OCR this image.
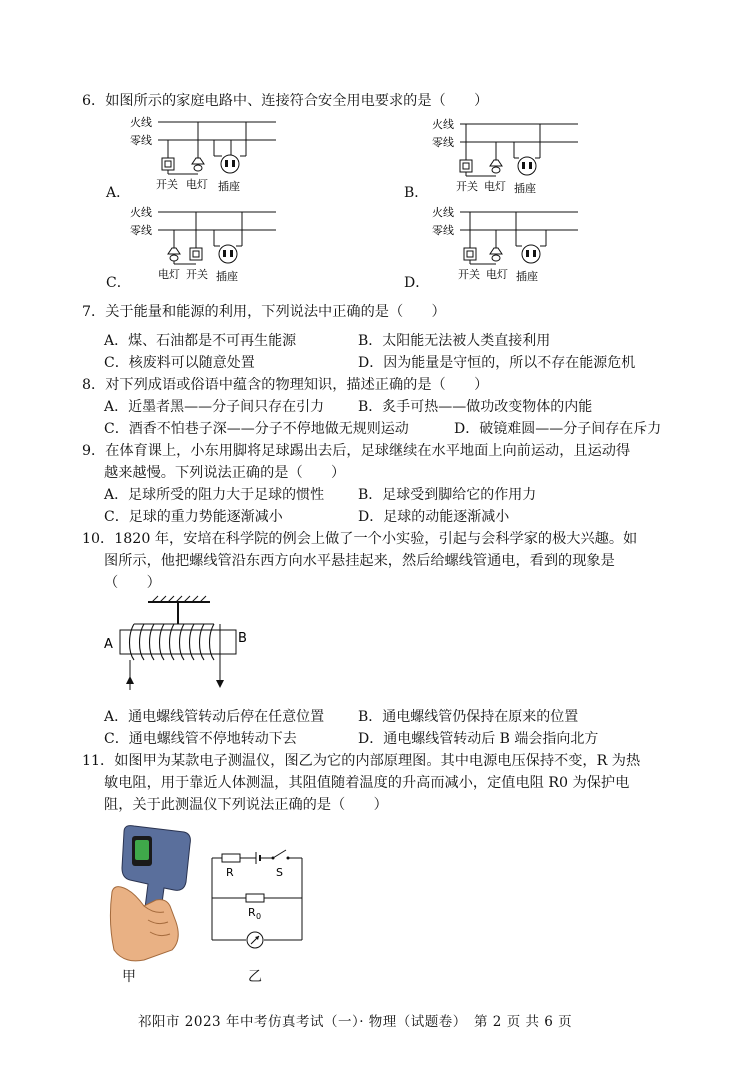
6．如图所示的家庭电路中、连接符合安全用电要求的是（　　）
火线
零线
开关 电灯 插座
A．
火线
零线
开关 电灯 插座
B．
火线
零线
电灯 开关 插座
C．
火线
零线
开关 电灯 插座
D．
7．关于能量和能源的利用，下列说法中正确的是（　　）
A．煤、石油都是不可再生能源	B．太阳能无法被人类直接利用
C．核废料可以随意处置	D．因为能量是守恒的，所以不存在能源危机
8．对下列成语或俗语中蕴含的物理知识，描述正确的是（　　）
A．近墨者黑——分子间只存在引力 B．炙手可热——做功改变物体的内能
C．酒香不怕巷子深——分子不停地做无规则运动	D．破镜难圆——分子间存在斥力
9．在体育课上，小东用脚将足球踢出去后，足球继续在水平地面上向前运动，且运动得
越来越慢。下列说法正确的是（　　）
A．足球所受的阻力大于足球的惯性 B．足球受到脚给它的作用力
C．足球的重力势能逐渐减小	D．足球的动能逐渐减小
10．1820 年，安培在科学院的例会上做了一个小实验，引起与会科学家的极大兴趣。如
图所示，他把螺线管沿东西方向水平悬挂起来，然后给螺线管通电，看到的现象是
（　　）
A	B
A．通电螺线管转动后停在任意位置 B．通电螺线管仍保持在原来的位置
C．通电螺线管不停地转动下去	D．通电螺线管转动后 B 端会指向北方
11．如图甲为某款电子测温仪，图乙为它的内部原理图。其中电源电压保持不变，R 为热
敏电阻，用于靠近人体测温，其阻值随着温度的升高而减小，定值电阻 R0 为保护电
阻，关于此测温仪下列说法正确的是（　　）
甲
R	S
R 0
乙
祁阳市 2023 年中考仿真考试（一）· 物理（试题卷）　第 2 页 共 6 页
